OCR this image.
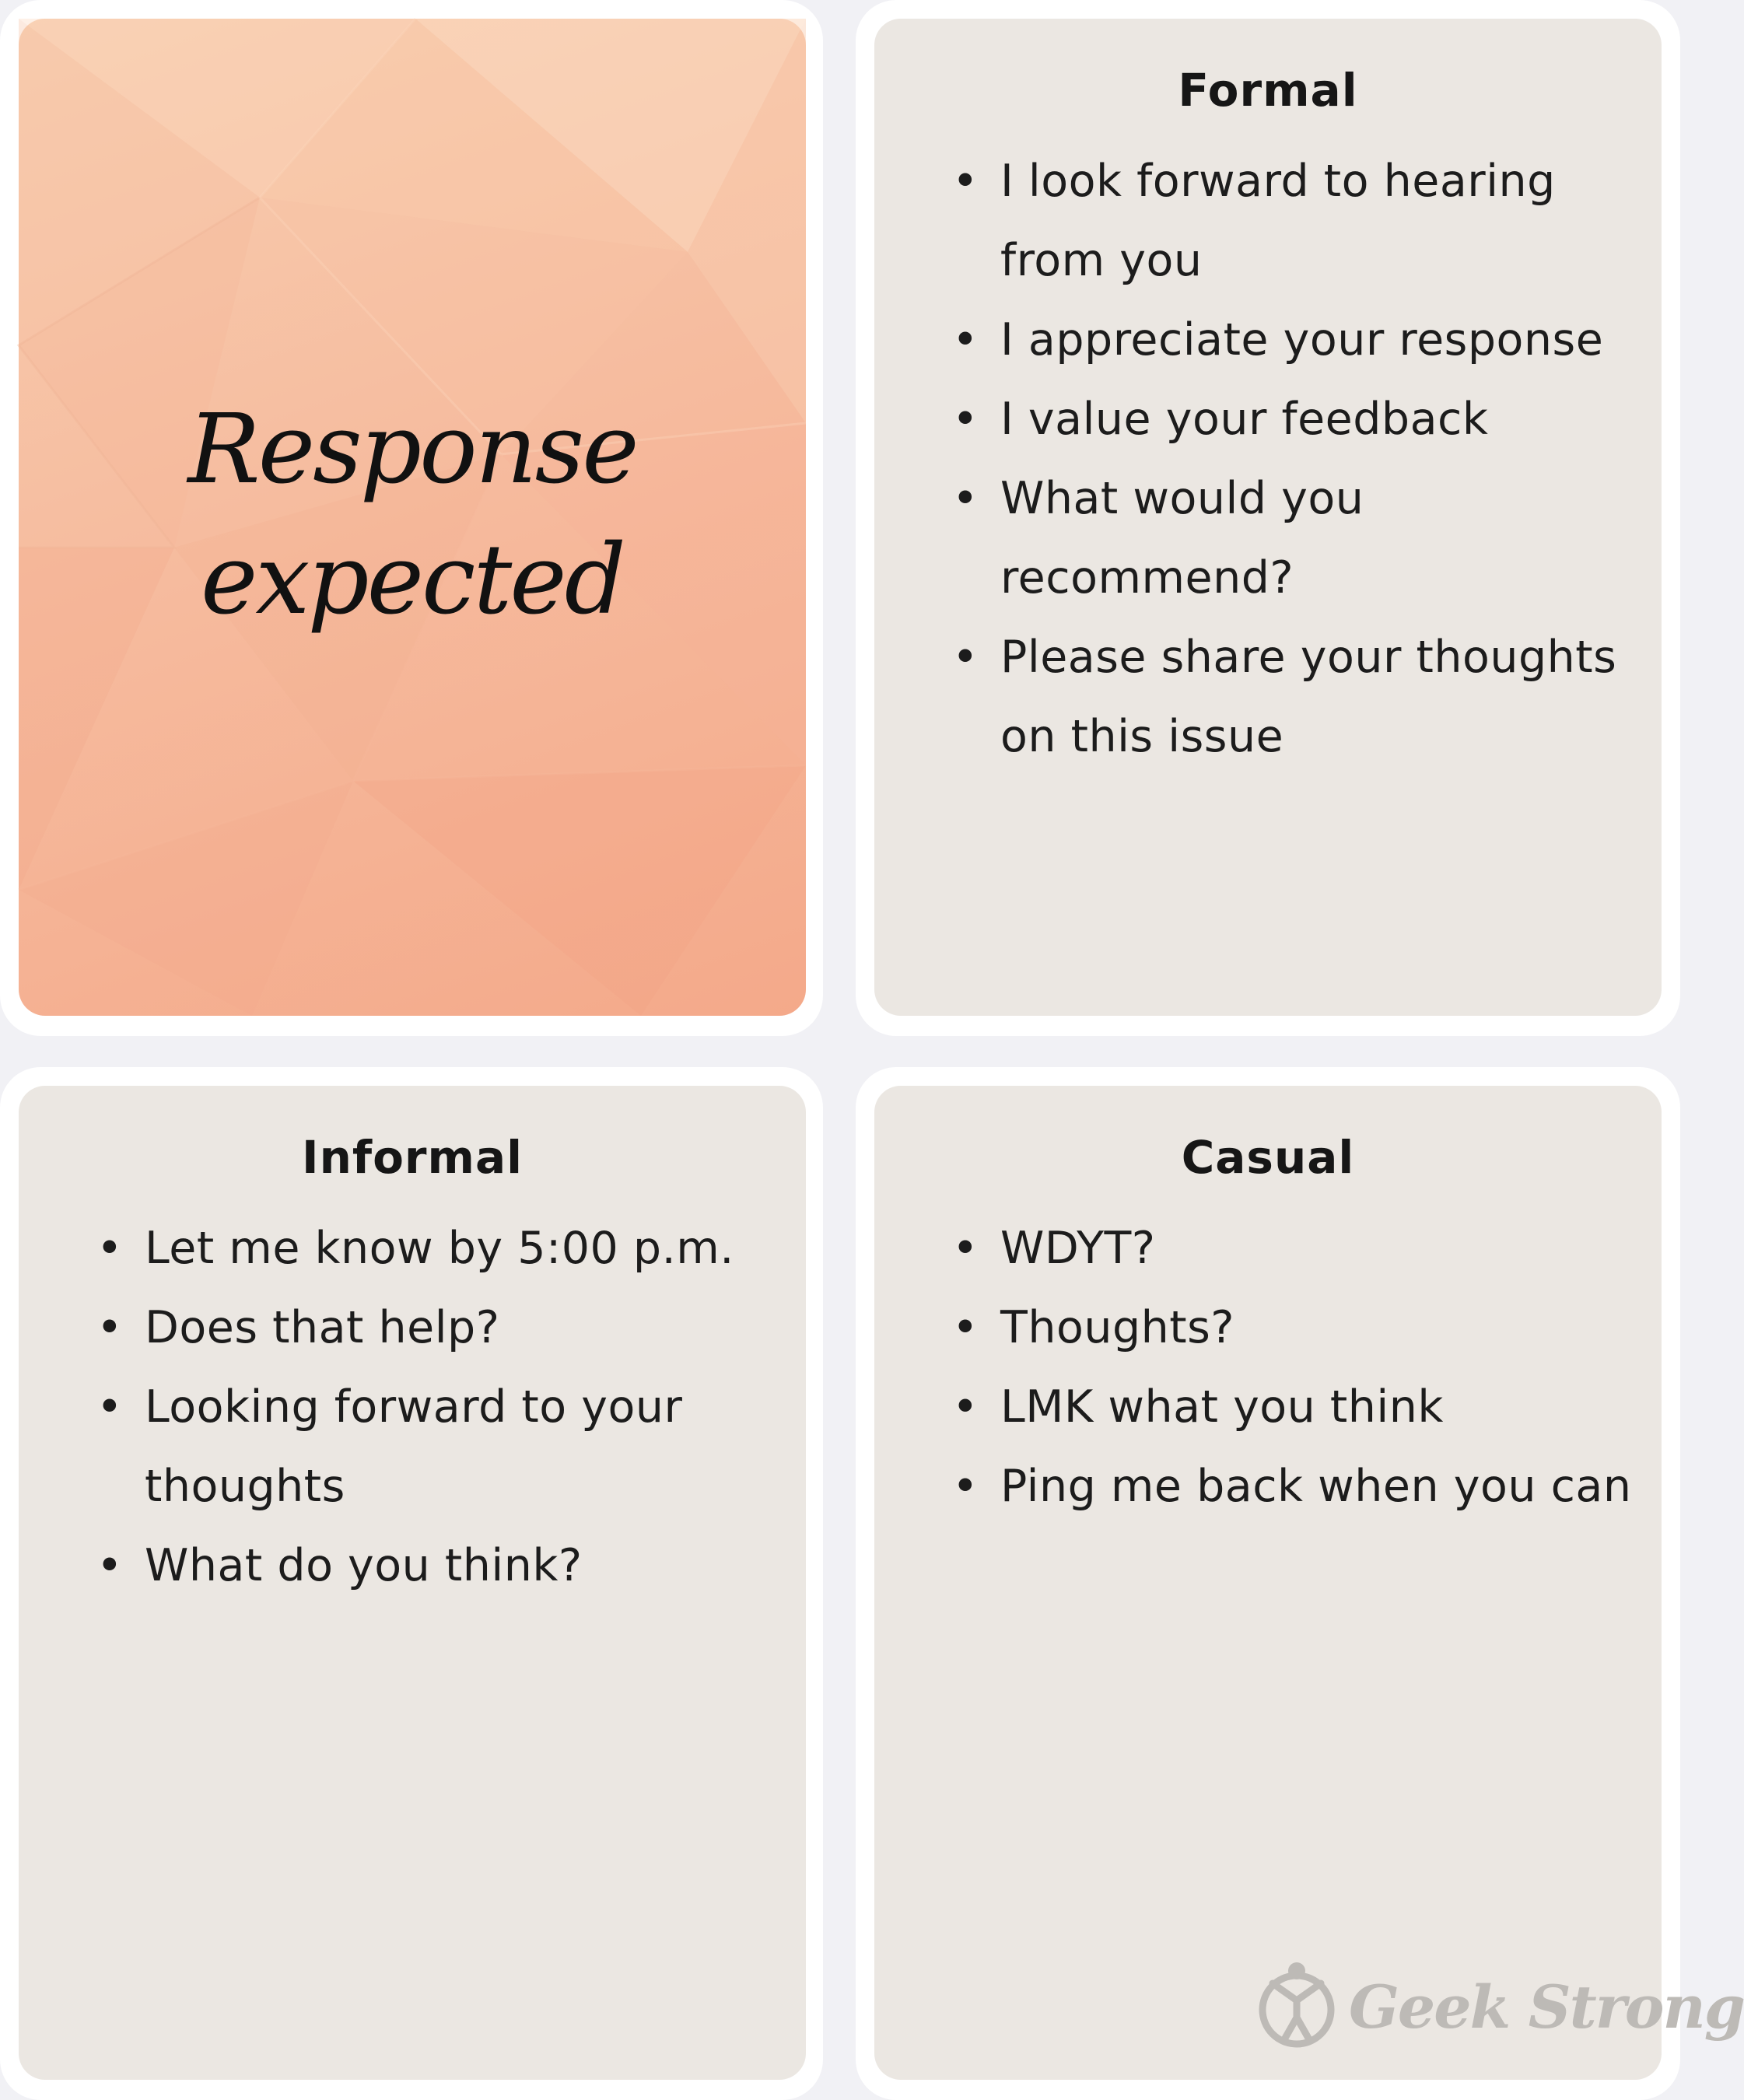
Response
expected
Formal
• I look forward to hearing from you
• I appreciate your response
• I value your feedback
• What would you recommend?
• Please share your thoughts on this issue
Informal
• Let me know by 5:00 p.m.
• Does that help?
• Looking forward to your thoughts
• What do you think?
Casual
• WDYT?
• Thoughts?
• LMK what you think
• Ping me back when you can
Geek Strong
